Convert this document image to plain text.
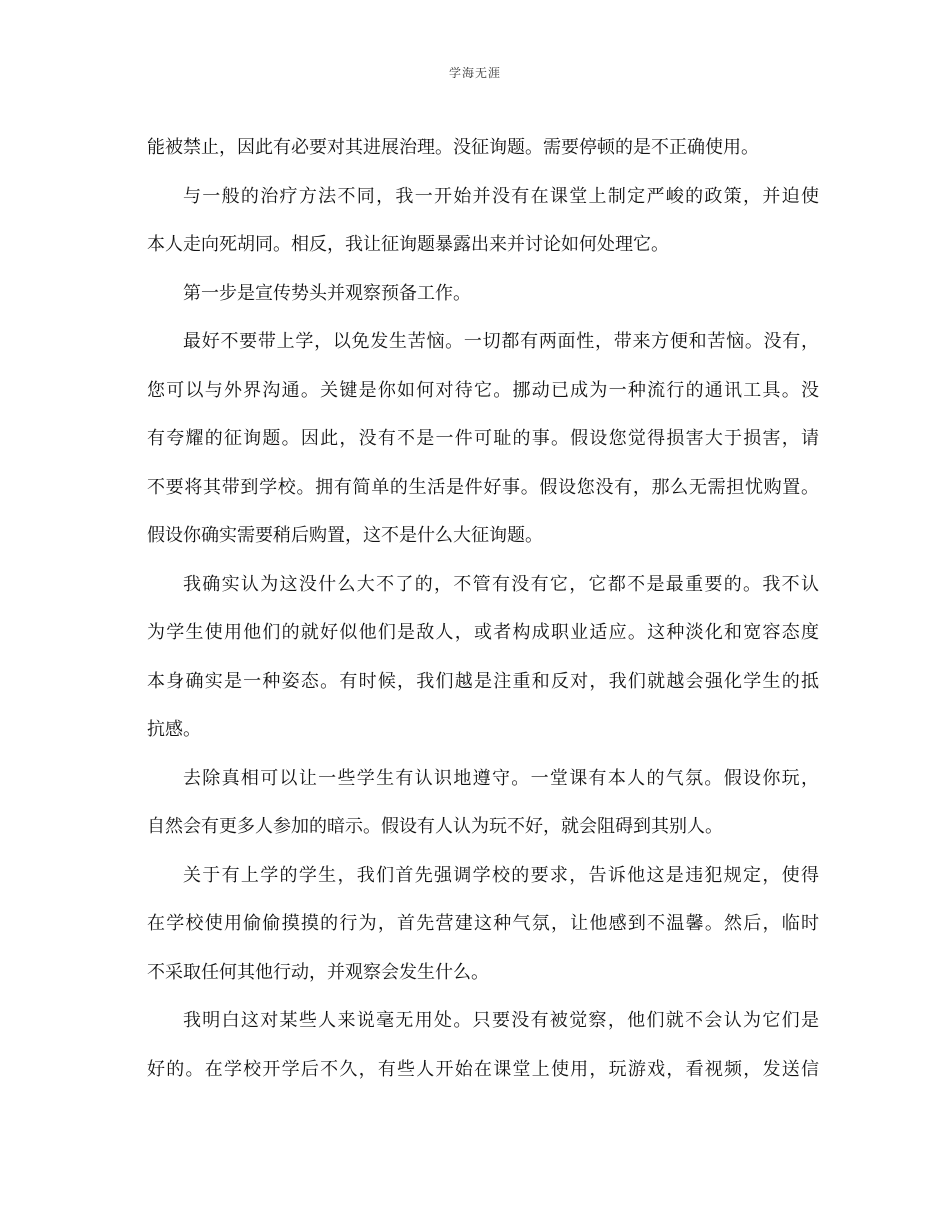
学海无涯
能被禁止，因此有必要对其进展治理。没征询题。需要停顿的是不正确使用。
与一般的治疗方法不同，我一开始并没有在课堂上制定严峻的政策，并迫使
本人走向死胡同。相反，我让征询题暴露出来并讨论如何处理它。
第一步是宣传势头并观察预备工作。
最好不要带上学，以免发生苦恼。一切都有两面性，带来方便和苦恼。没有，
您可以与外界沟通。关键是你如何对待它。挪动已成为一种流行的通讯工具。没
有夸耀的征询题。因此，没有不是一件可耻的事。假设您觉得损害大于损害，请
不要将其带到学校。拥有简单的生活是件好事。假设您没有，那么无需担忧购置。
假设你确实需要稍后购置，这不是什么大征询题。
我确实认为这没什么大不了的，不管有没有它，它都不是最重要的。我不认
为学生使用他们的就好似他们是敌人，或者构成职业适应。这种淡化和宽容态度
本身确实是一种姿态。有时候，我们越是注重和反对，我们就越会强化学生的抵
抗感。
去除真相可以让一些学生有认识地遵守。一堂课有本人的气氛。假设你玩，
自然会有更多人参加的暗示。假设有人认为玩不好，就会阻碍到其别人。
关于有上学的学生，我们首先强调学校的要求，告诉他这是违犯规定，使得
在学校使用偷偷摸摸的行为，首先营建这种气氛，让他感到不温馨。然后，临时
不采取任何其他行动，并观察会发生什么。
我明白这对某些人来说毫无用处。只要没有被觉察，他们就不会认为它们是
好的。在学校开学后不久，有些人开始在课堂上使用，玩游戏，看视频，发送信
